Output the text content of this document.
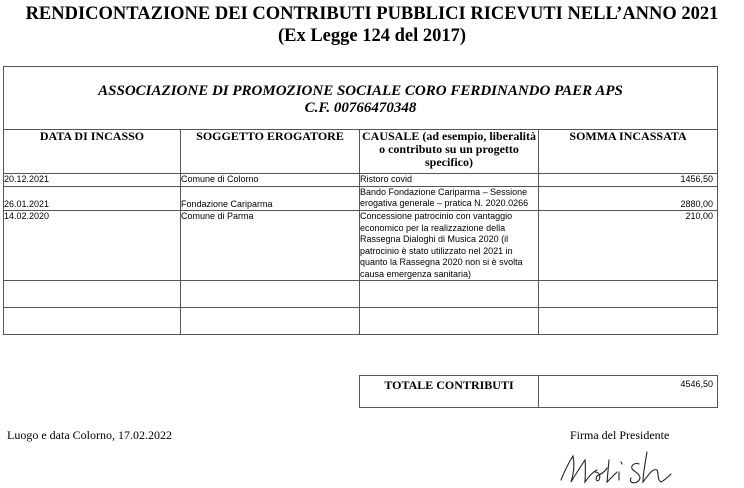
RENDICONTAZIONE DEI CONTRIBUTI PUBBLICI RICEVUTI NELL’ANNO 2021
(Ex Legge 124 del 2017)
ASSOCIAZIONE DI PROMOZIONE SOCIALE CORO FERDINANDO PAER APS
C.F. 00766470348			

DATA DI INCASSO	SOGGETTO EROGATORE	CAUSALE (ad esempio, liberalità o contributo su un progetto specifico)	SOMMA INCASSATA
20.12.2021	Comune di Colorno	Ristoro covid	1456,50
26.01.2021	Fondazione Cariparma	Bando Fondazione Cariparma – Sessione erogativa generale – pratica N. 2020.0266	2880,00
14.02.2020	Comune di Parma	Concessione patrocinio con vantaggio economico per la realizzazione della Rassegna Dialoghi di Musica 2020 (il patrocinio è stato utilizzato nel 2021 in quanto la Rassegna 2020 non si è svolta causa emergenza sanitaria)	210,00

TOTALE CONTRIBUTI	4546,50
Luogo e data Colorno, 17.02.2022	Firma del Presidente
